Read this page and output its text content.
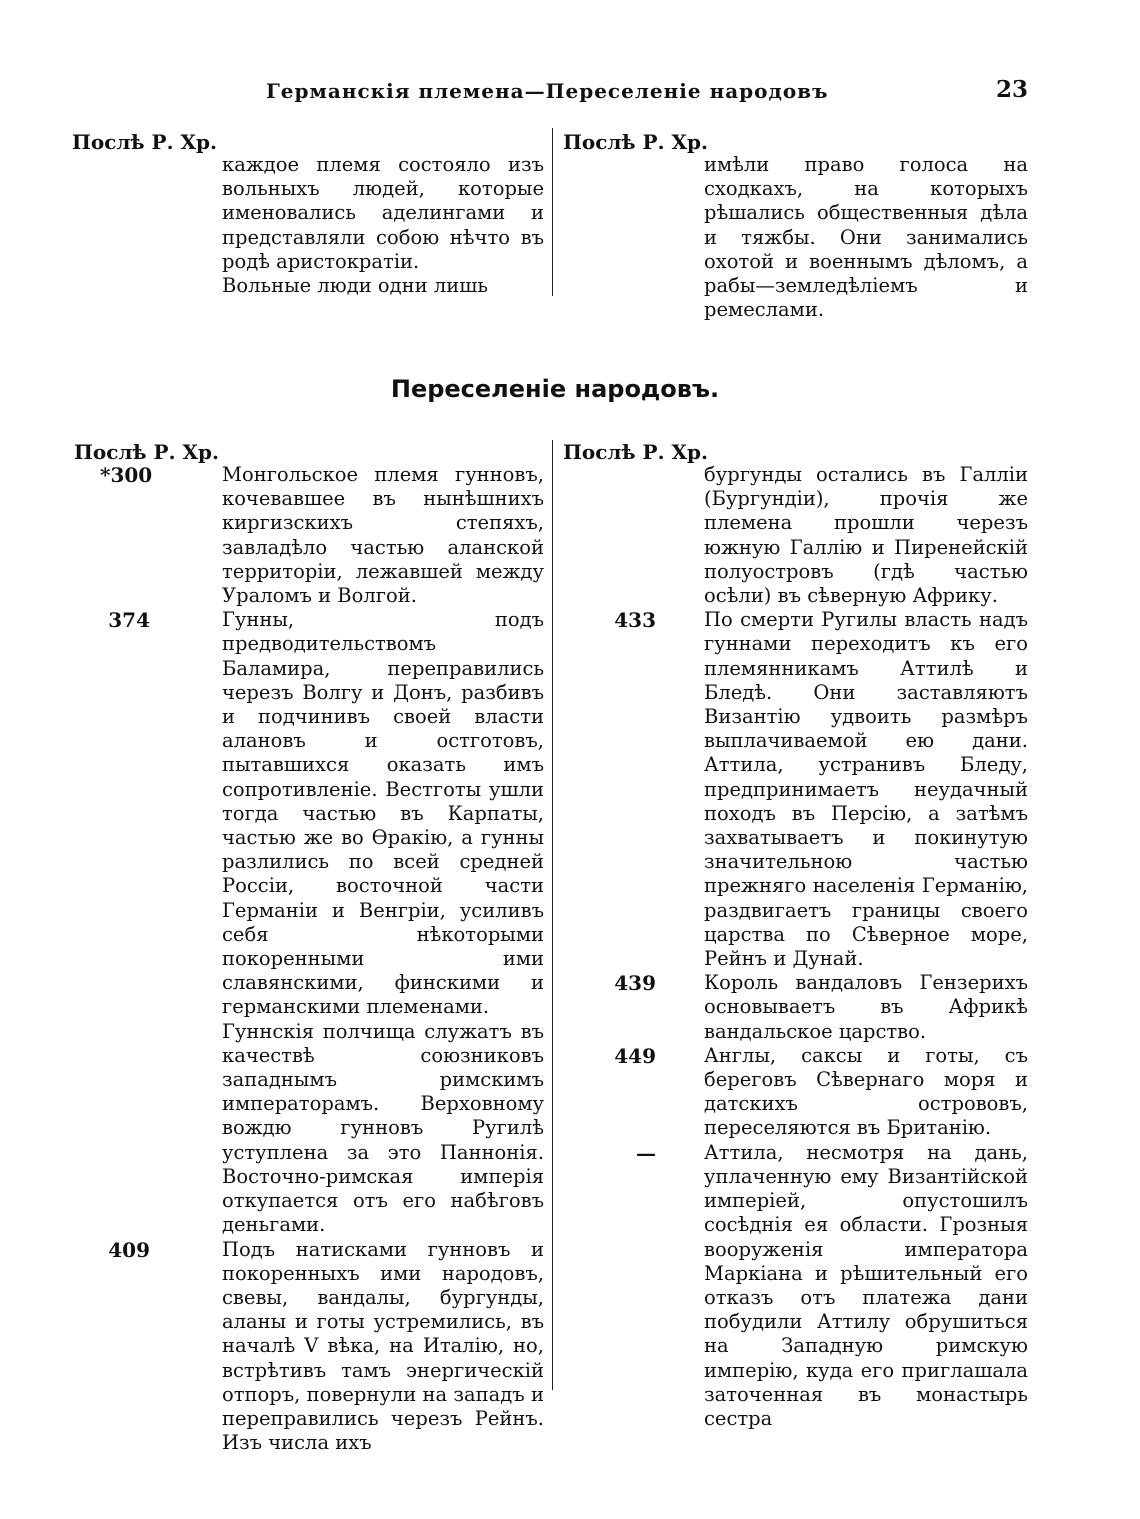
Германскія племена—Переселеніе народовъ	23
Послѣ Р. Хр.

каждое племя состояло изъ вольныхъ людей, которые именовались аделингами и представляли собою нѣчто въ родѣ аристократіи.

Вольные люди одни лишь

Послѣ Р. Хр.

имѣли право голоса на сходкахъ, на которыхъ рѣшались общественныя дѣла и тяжбы. Они занимались охотой и военнымъ дѣломъ, а рабы—земледѣліемъ и ремеслами.

Переселеніе народовъ.
Послѣ Р. Хр.
*300	Монгольское племя гунновъ, кочевавшее въ нынѣшнихъ киргизскихъ степяхъ, завладѣло частью аланской территоріи, лежавшей между Ураломъ и Волгой.

374	Гунны, подъ предводительствомъ Баламира, переправились черезъ Волгу и Донъ, разбивъ и подчинивъ своей власти алановъ и остготовъ, пытавшихся оказать имъ сопротивленіе. Вестготы ушли тогда частью въ Карпаты, частью же во Ѳракію, а гунны разлились по всей средней Россіи, восточной части Германіи и Венгріи, усиливъ себя нѣкоторыми покоренными ими славянскими, финскими и германскими племенами.

Гуннскія полчища служатъ въ качествѣ союзниковъ западнымъ римскимъ императорамъ. Верховному вождю гунновъ Ругилѣ уступлена за это Паннонія. Восточно-римская имперія откупается отъ его набѣговъ деньгами.

409	Подъ натисками гунновъ и покоренныхъ ими народовъ, свевы, вандалы, бургунды, аланы и готы устремились, въ началѣ V вѣка, на Италію, но, встрѣтивъ тамъ энергическій отпоръ, повернули на западъ и переправились черезъ Рейнъ. Изъ числа ихъ

Послѣ Р. Хр.

бургунды остались въ Галліи (Бургундіи), прочія же племена прошли черезъ южную Галлію и Пиренейскій полуостровъ (гдѣ частью осѣли) въ сѣверную Африку.

433 По смерти Ругилы власть надъ гуннами переходитъ къ его племянникамъ Аттилѣ и Бледѣ. Они заставляютъ Византію удвоить размѣръ выплачиваемой ею дани. Аттила, устранивъ Бледу, предпринимаетъ неудачный походъ въ Персію, а затѣмъ захватываетъ и покинутую значительною частью прежняго населенія Германію, раздвигаетъ границы своего царства по Сѣверное море, Рейнъ и Дунай.

439 Король вандаловъ Гензерихъ основываетъ въ Африкѣ вандальское царство.

449 Англы, саксы и готы, съ береговъ Сѣвернаго моря и датскихъ острововъ, переселяются въ Британію.

— Аттила, несмотря на дань, уплаченную ему Византійской имперіей, опустошилъ сосѣднія ея области. Грозныя вооруженія императора Маркіана и рѣшительный его отказъ отъ платежа дани побудили Аттилу обрушиться на Западную римскую имперію, куда его приглашала заточенная въ монастырь сестра
